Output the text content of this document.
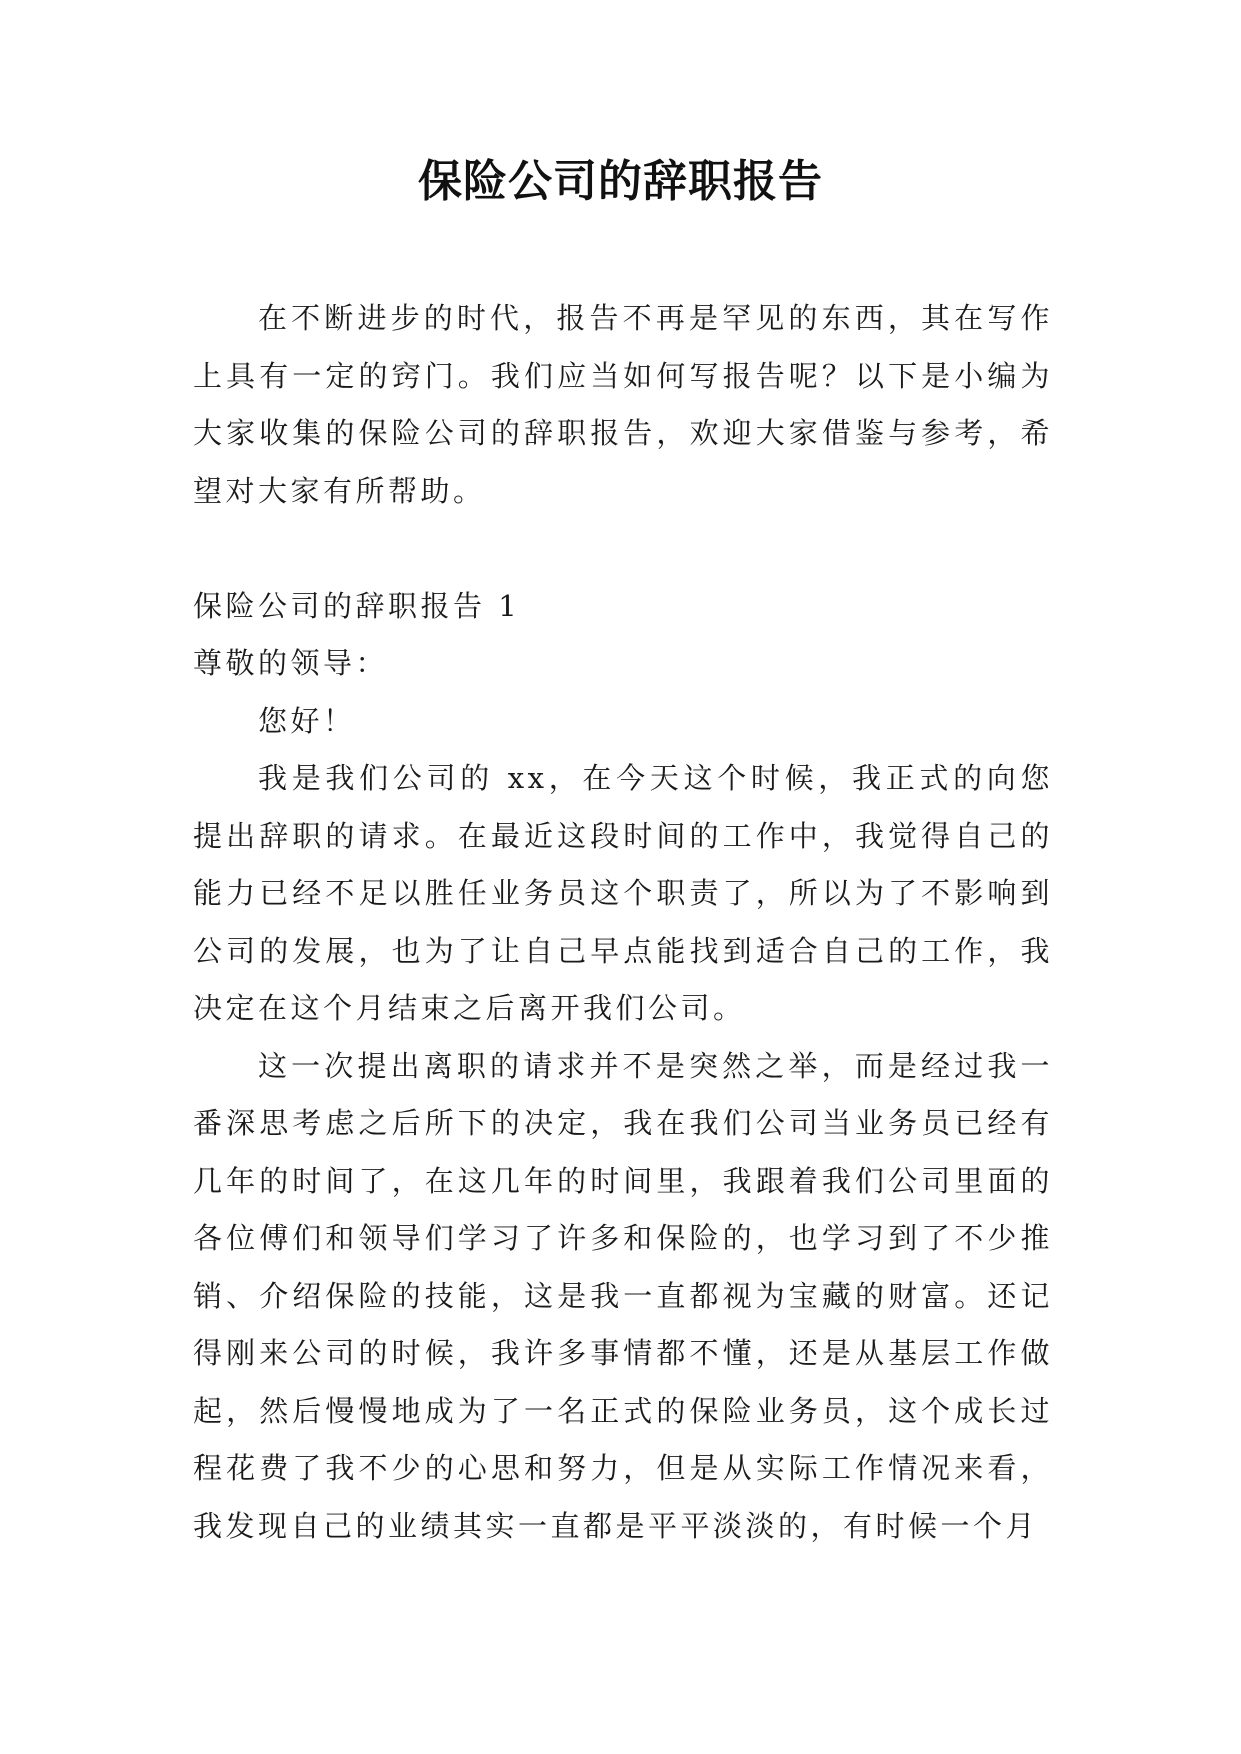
保险公司的辞职报告

在不断进步的时代，报告不再是罕见的东西，其在写作上具有一定的窍门。我们应当如何写报告呢？以下是小编为大家收集的保险公司的辞职报告，欢迎大家借鉴与参考，希望对大家有所帮助。

保险公司的辞职报告 1

尊敬的领导：

您好！

我是我们公司的 xx，在今天这个时候，我正式的向您提出辞职的请求。在最近这段时间的工作中，我觉得自己的能力已经不足以胜任业务员这个职责了，所以为了不影响到公司的发展，也为了让自己早点能找到适合自己的工作，我决定在这个月结束之后离开我们公司。

这一次提出离职的请求并不是突然之举，而是经过我一番深思考虑之后所下的决定，我在我们公司当业务员已经有几年的时间了，在这几年的时间里，我跟着我们公司里面的各位傅们和领导们学习了许多和保险的，也学习到了不少推销、介绍保险的技能，这是我一直都视为宝藏的财富。还记得刚来公司的时候，我许多事情都不懂，还是从基层工作做起，然后慢慢地成为了一名正式的保险业务员，这个成长过程花费了我不少的心思和努力，但是从实际工作情况来看，我发现自己的业绩其实一直都是平平淡淡的，有时候一个月
